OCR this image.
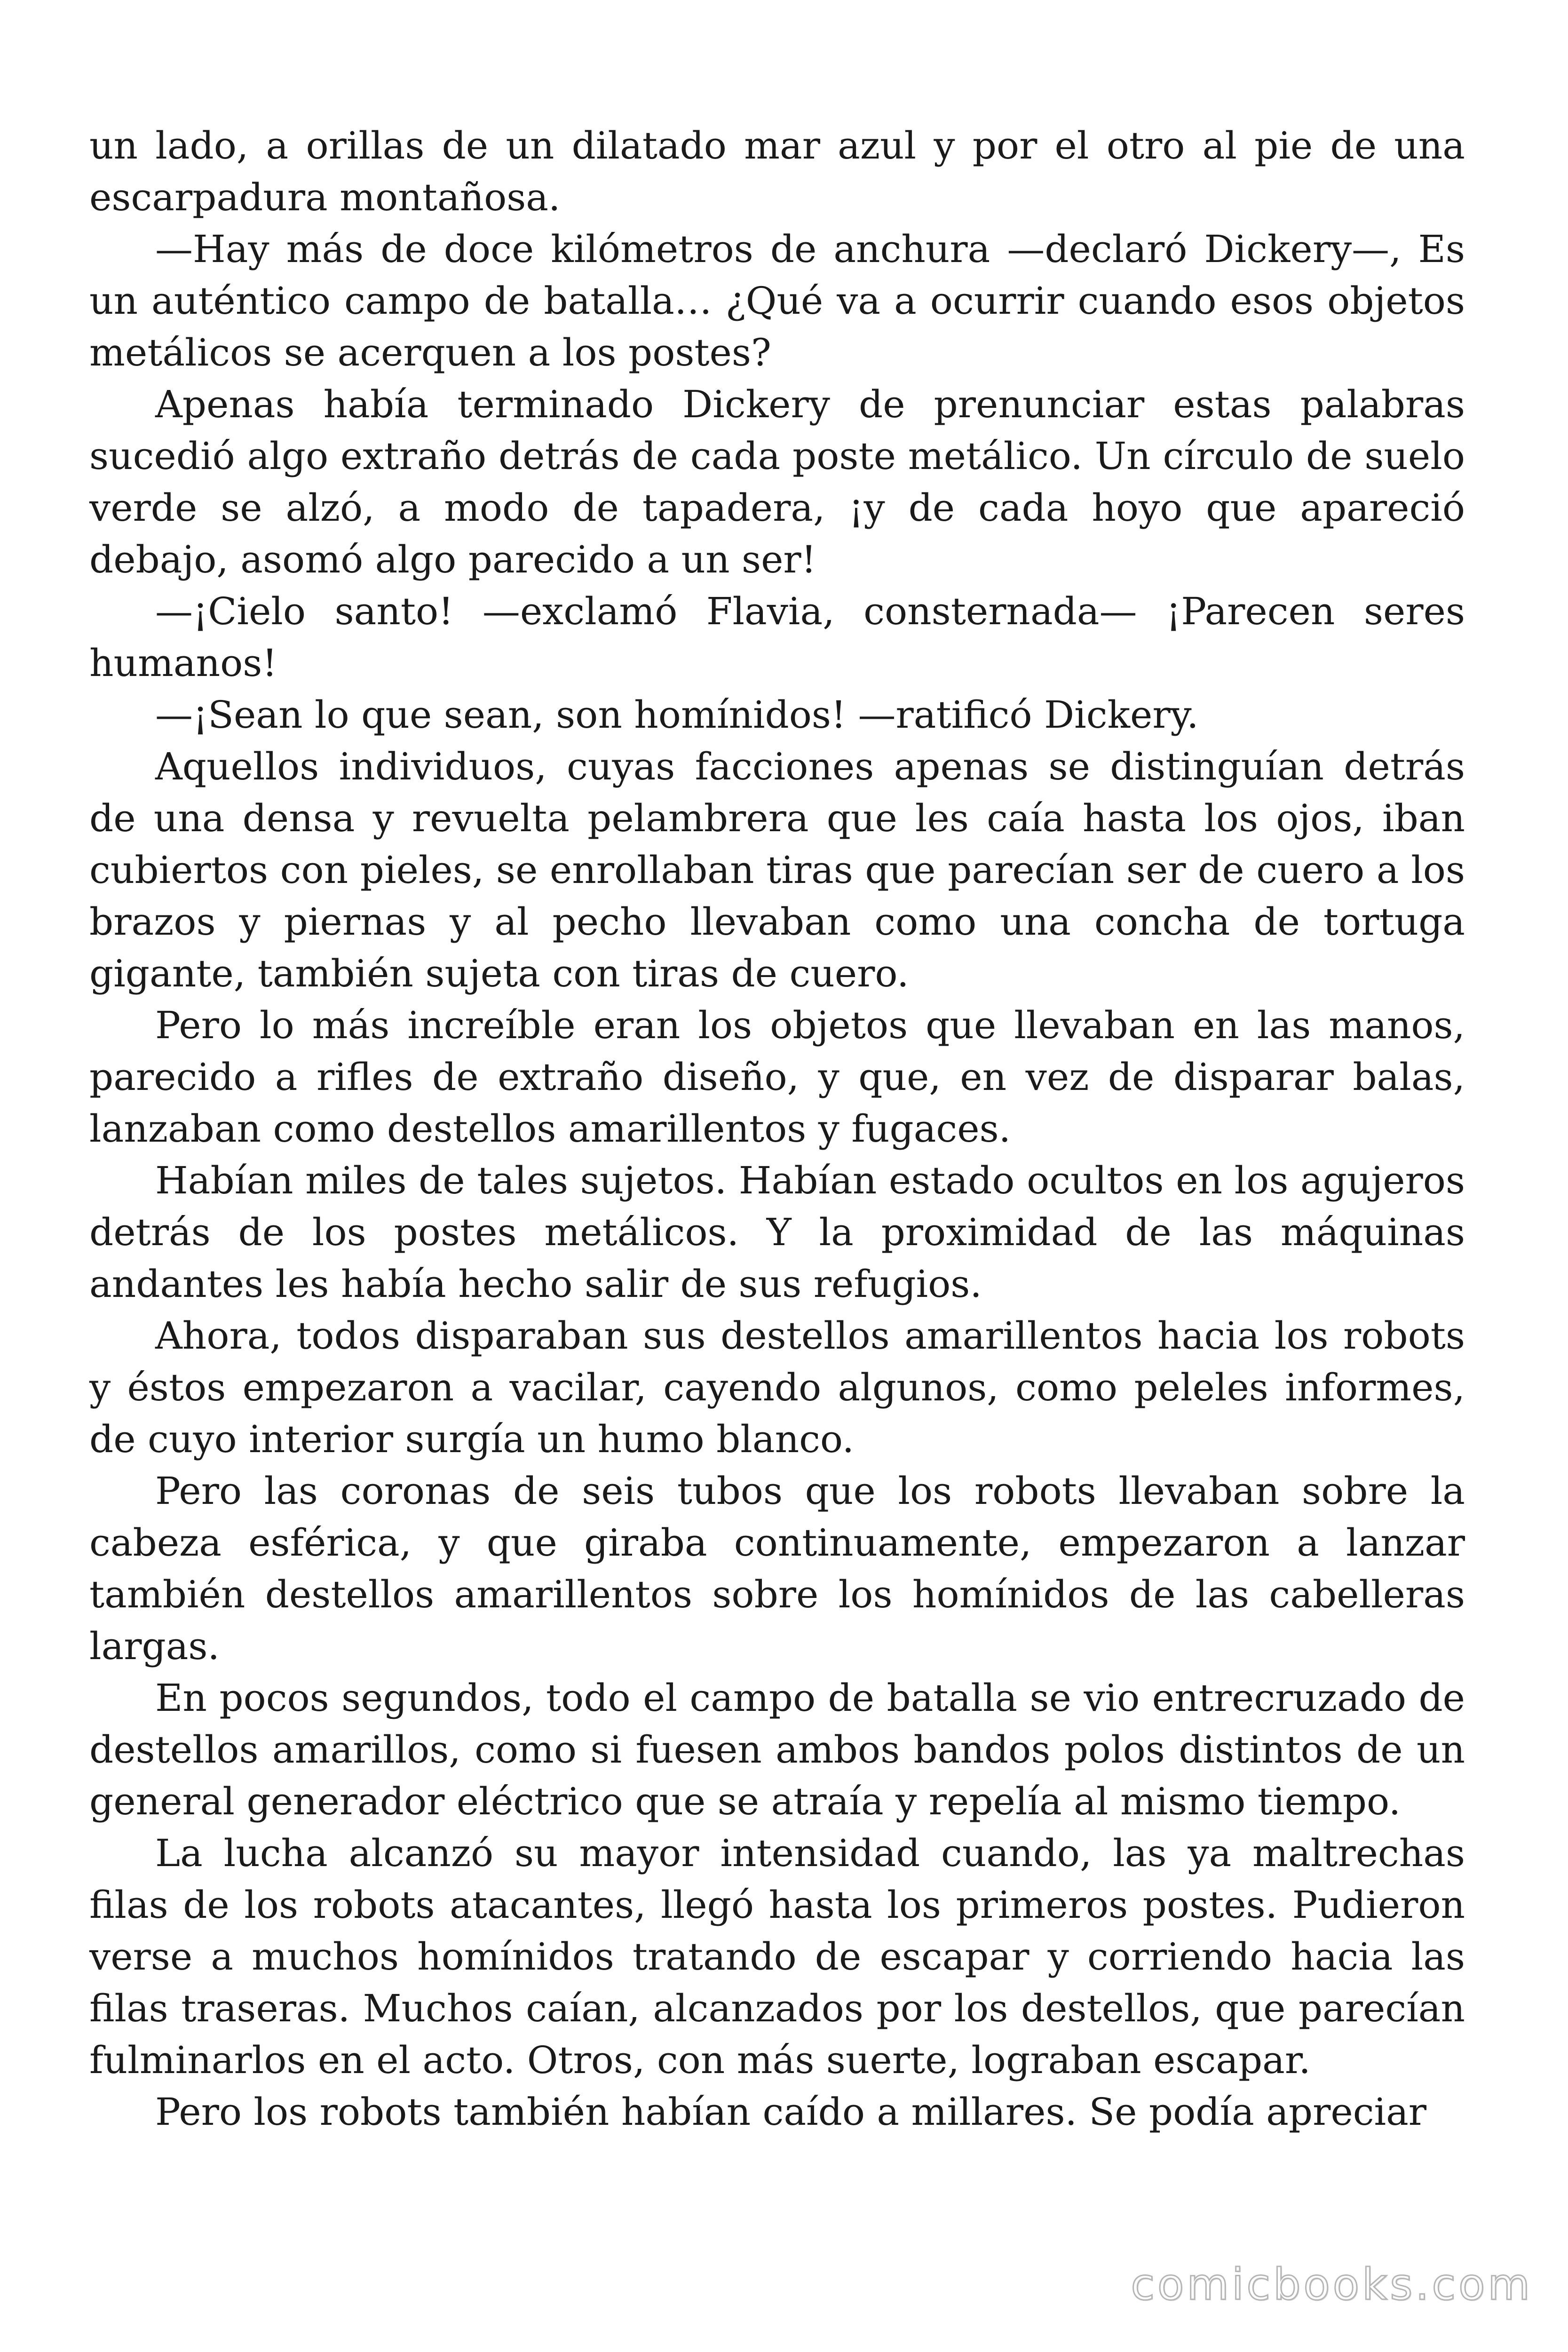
un lado, a orillas de un dilatado mar azul y por el otro al pie de una escarpadura montañosa.

—Hay más de doce kilómetros de anchura —declaró Dickery—, Es un auténtico campo de batalla… ¿Qué va a ocurrir cuando esos objetos metálicos se acerquen a los postes?

Apenas había terminado Dickery de prenunciar estas palabras sucedió algo extraño detrás de cada poste metálico. Un círculo de suelo verde se alzó, a modo de tapadera, ¡y de cada hoyo que apareció debajo, asomó algo parecido a un ser!

—¡Cielo santo! —exclamó Flavia, consternada— ¡Parecen seres humanos!

—¡Sean lo que sean, son homínidos! —ratificó Dickery.

Aquellos individuos, cuyas facciones apenas se distinguían detrás de una densa y revuelta pelambrera que les caía hasta los ojos, iban cubiertos con pieles, se enrollaban tiras que parecían ser de cuero a los brazos y piernas y al pecho llevaban como una concha de tortuga gigante, también sujeta con tiras de cuero.

Pero lo más increíble eran los objetos que llevaban en las manos, parecido a rifles de extraño diseño, y que, en vez de disparar balas, lanzaban como destellos amarillentos y fugaces.

Habían miles de tales sujetos. Habían estado ocultos en los agujeros detrás de los postes metálicos. Y la proximidad de las máquinas andantes les había hecho salir de sus refugios.

Ahora, todos disparaban sus destellos amarillentos hacia los robots y éstos empezaron a vacilar, cayendo algunos, como peleles informes, de cuyo interior surgía un humo blanco.

Pero las coronas de seis tubos que los robots llevaban sobre la cabeza esférica, y que giraba continuamente, empezaron a lanzar también destellos amarillentos sobre los homínidos de las cabelleras largas.

En pocos segundos, todo el campo de batalla se vio entrecruzado de destellos amarillos, como si fuesen ambos bandos polos distintos de un general generador eléctrico que se atraía y repelía al mismo tiempo.

La lucha alcanzó su mayor intensidad cuando, las ya maltrechas filas de los robots atacantes, llegó hasta los primeros postes. Pudieron verse a muchos homínidos tratando de escapar y corriendo hacia las filas traseras. Muchos caían, alcanzados por los destellos, que parecían fulminarlos en el acto. Otros, con más suerte, lograban escapar.

Pero los robots también habían caído a millares. Se podía apreciar

comicbooks.com
